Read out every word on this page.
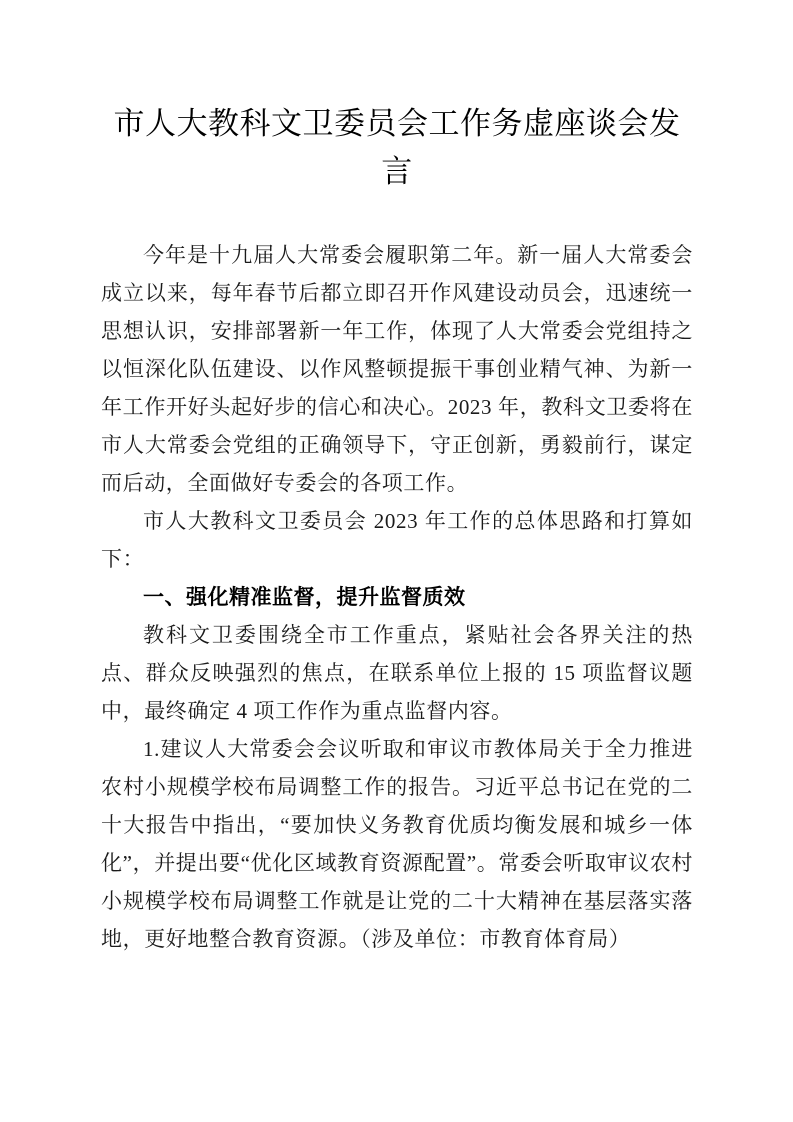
市人大教科文卫委员会工作务虚座谈会发言

今年是十九届人大常委会履职第二年。新一届人大常委会成立以来，每年春节后都立即召开作风建设动员会，迅速统一思想认识，安排部署新一年工作，体现了人大常委会党组持之以恒深化队伍建设、以作风整顿提振干事创业精气神、为新一年工作开好头起好步的信心和决心。2023 年，教科文卫委将在市人大常委会党组的正确领导下，守正创新，勇毅前行，谋定而后动，全面做好专委会的各项工作。

市人大教科文卫委员会 2023 年工作的总体思路和打算如下：

一、强化精准监督，提升监督质效

教科文卫委围绕全市工作重点，紧贴社会各界关注的热点、群众反映强烈的焦点，在联系单位上报的 15 项监督议题中，最终确定 4 项工作作为重点监督内容。

1.建议人大常委会会议听取和审议市教体局关于全力推进农村小规模学校布局调整工作的报告。习近平总书记在党的二十大报告中指出，“要加快义务教育优质均衡发展和城乡一体化”，并提出要“优化区域教育资源配置”。常委会听取审议农村小规模学校布局调整工作就是让党的二十大精神在基层落实落地，更好地整合教育资源。（涉及单位：市教育体育局）
